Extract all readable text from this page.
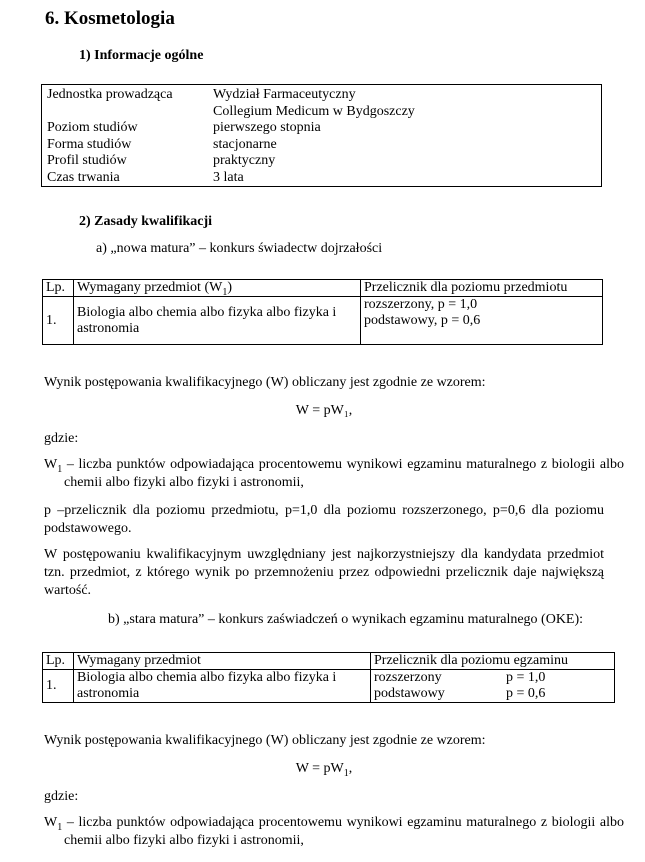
6. Kosmetologia
1) Informacje ogólne
Jednostka prowadząca	Wydział Farmaceutyczny
	Collegium Medicum w Bydgoszczy
Poziom studiów	pierwszego stopnia
Forma studiów	stacjonarne
Profil studiów	praktyczny
Czas trwania	3 lata
2) Zasady kwalifikacji
a) „nowa matura” – konkurs świadectw dojrzałości
Lp.	Wymagany przedmiot $(W_1)$	Przelicznik dla poziomu przedmiotu
1.	Biologia albo chemia albo fizyka albo fizyka i astronomia	rozszerzony, p = 1,0
podstawowy, p = 0,6

Wynik postępowania kwalifikacyjnego (W) obliczany jest zgodnie ze wzorem:

W = pW₁,

gdzie:

$W_1$ – liczba punktów odpowiadająca procentowemu wynikowi egzaminu maturalnego z biologii albo chemii albo fizyki albo fizyki i astronomii,

p –przelicznik dla poziomu przedmiotu, p=1,0 dla poziomu rozszerzonego, p=0,6 dla poziomu podstawowego.

W postępowaniu kwalifikacyjnym uwzględniany jest najkorzystniejszy dla kandydata przedmiot tzn. przedmiot, z którego wynik po przemnożeniu przez odpowiedni przelicznik daje największą wartość.

b) „stara matura” – konkurs zaświadczeń o wynikach egzaminu maturalnego (OKE):
Lp.	Wymagany przedmiot	Przelicznik dla poziomu egzaminu
1.	Biologia albo chemia albo fizyka albo fizyka i astronomia	rozszerzony p = 1,0
podstawowy p = 0,6

Wynik postępowania kwalifikacyjnego (W) obliczany jest zgodnie ze wzorem:

$W = pW_1$,

gdzie:

$W_1$ – liczba punktów odpowiadająca procentowemu wynikowi egzaminu maturalnego z biologii albo chemii albo fizyki albo fizyki i astronomii,
